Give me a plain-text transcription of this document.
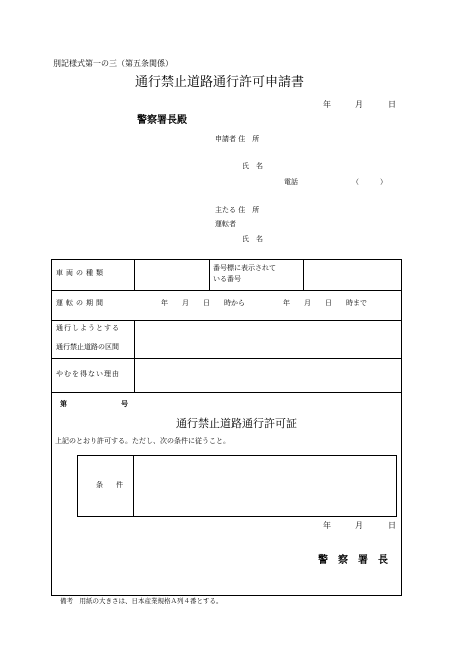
別記様式第一の三（第五条関係）
通行禁止道路通行許可申請書
年	月	日
警察署長殿
申請者 住　所
氏　名
電話	（　　　）
主たる 住　所
運転者
氏　名
車両の種類
番号標に表示されて
いる番号
運転の期間	年　　月　　日　　時から	年　　月　　日　　時まで
通行しようとする
通行禁止道路の区間
やむを得ない理由
第	号
通行禁止道路通行許可証
上記のとおり許可する。ただし、次の条件に従うこと。
条　件
年	月	日
警　察　署　長
備考　用紙の大きさは、日本産業規格Ａ列４番とする。
